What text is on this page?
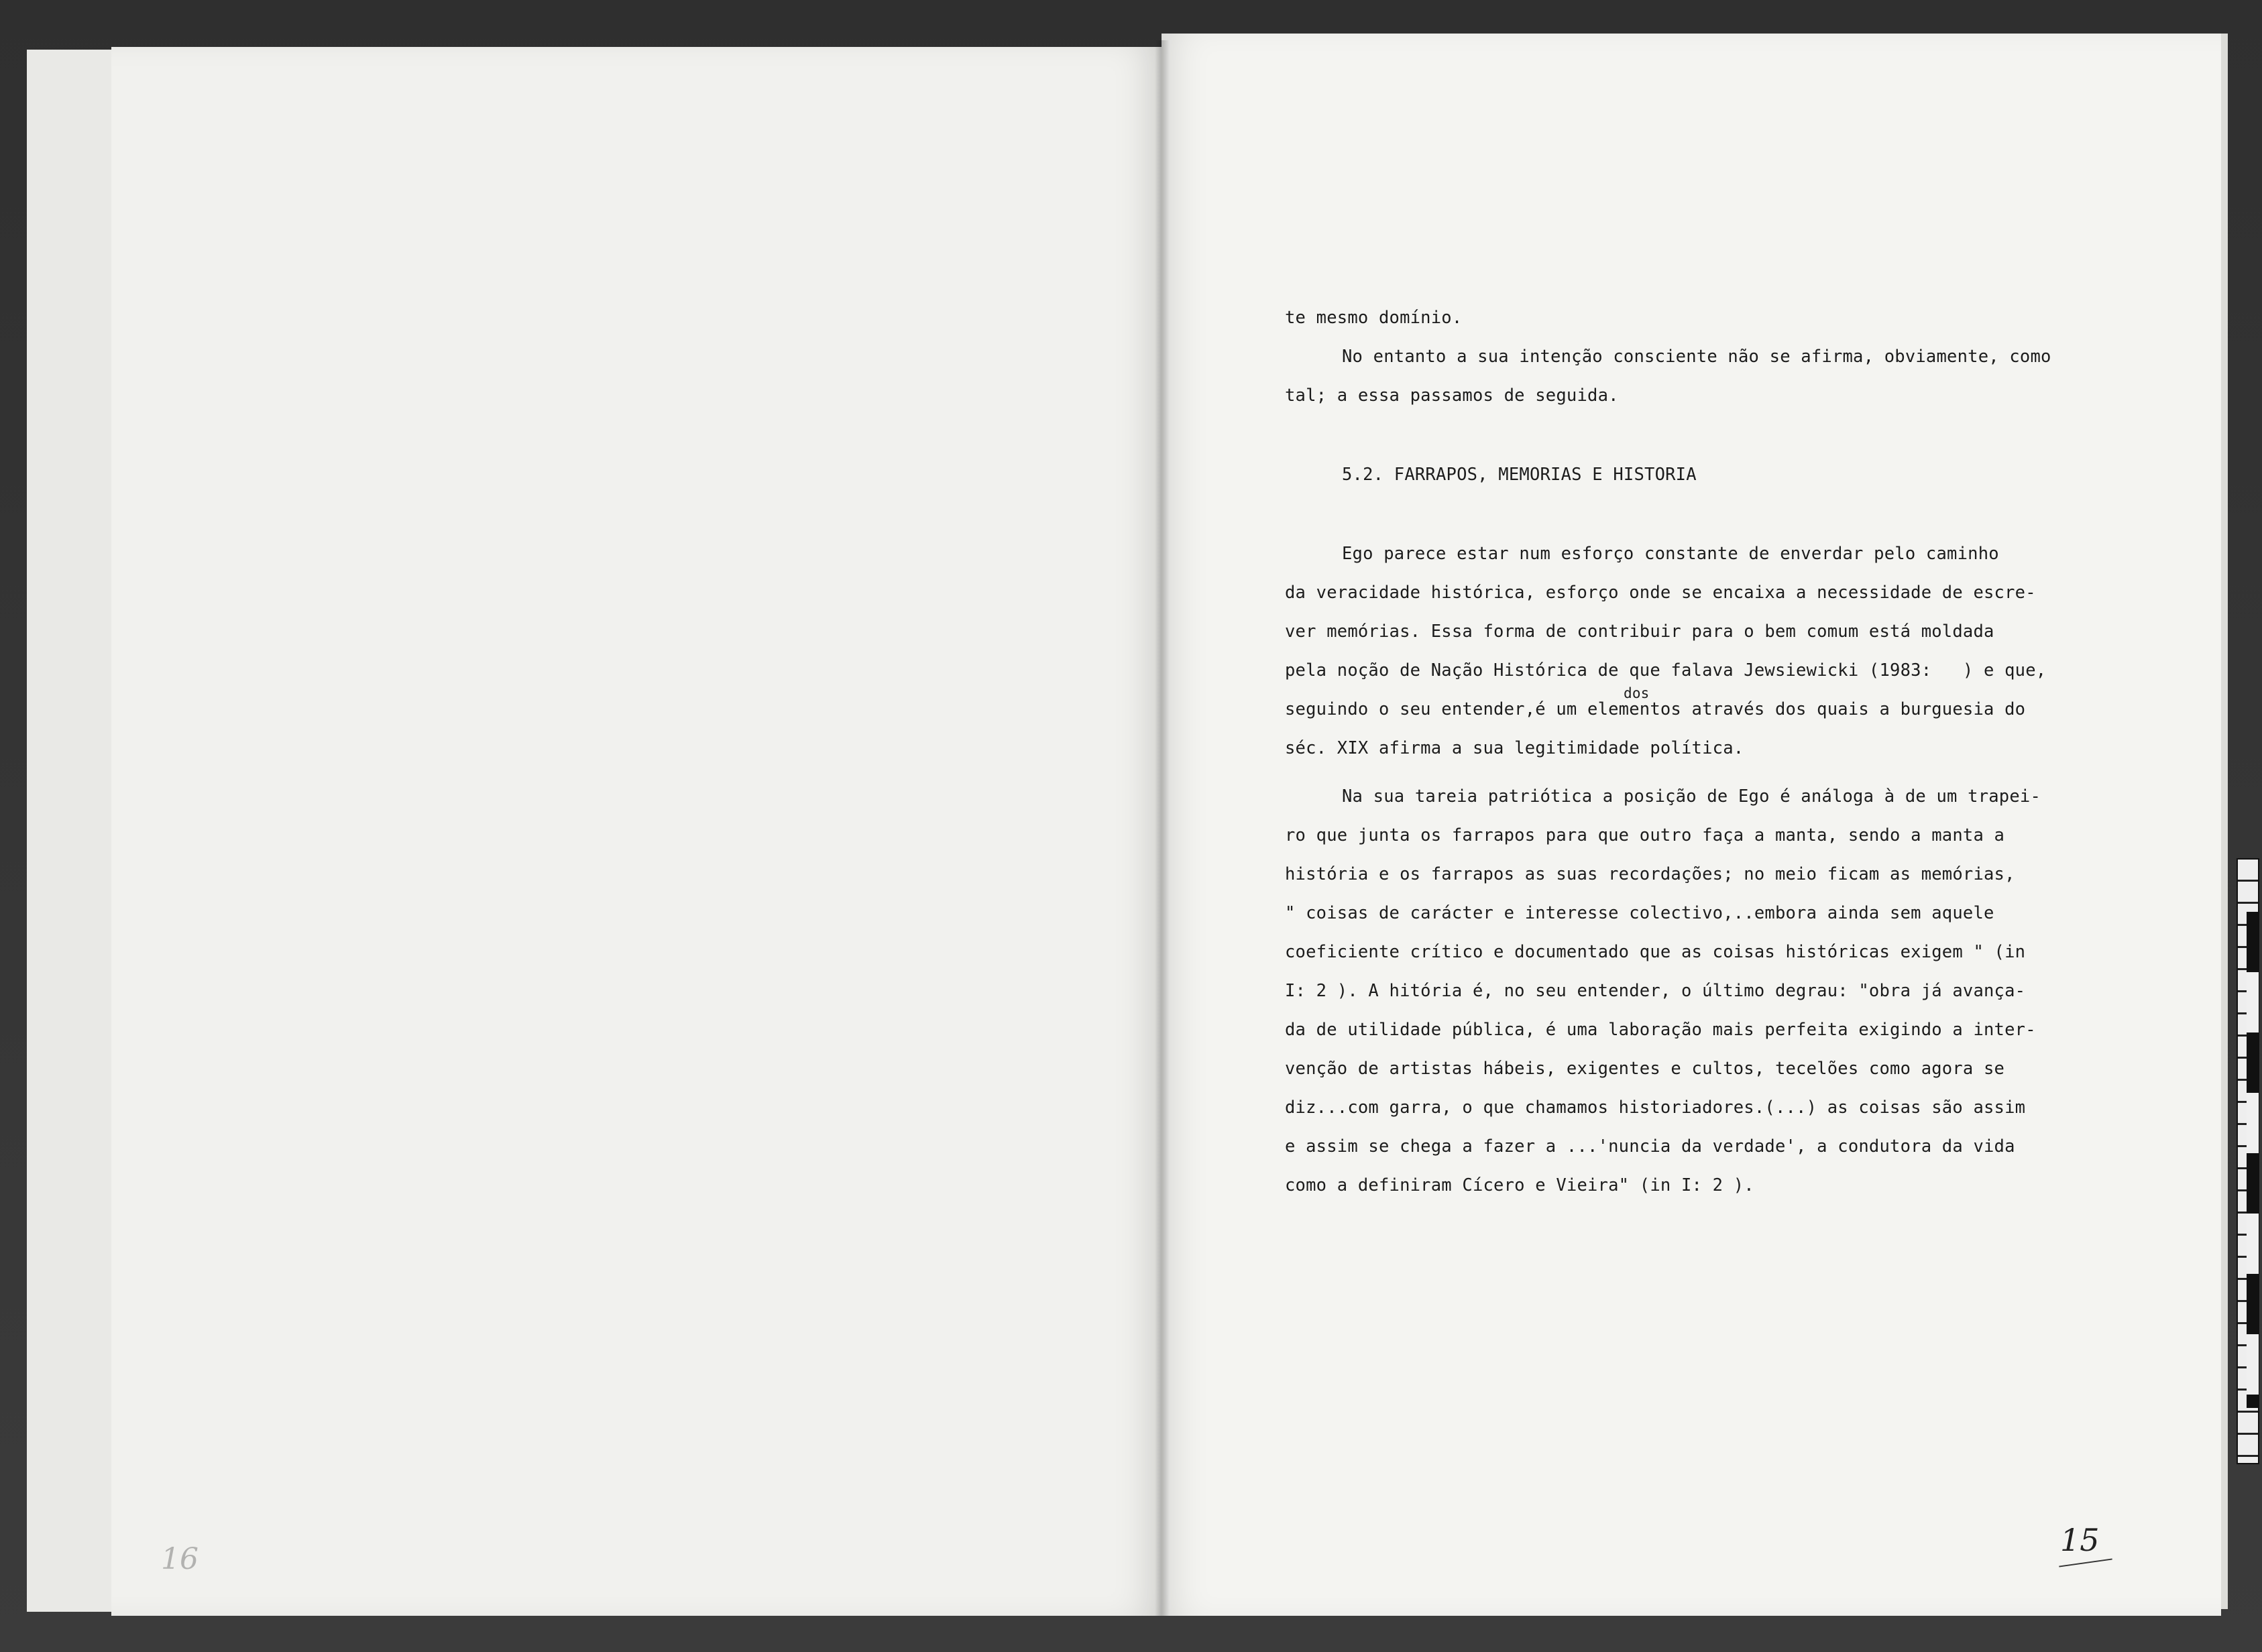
16
te mesmo domínio.
No entanto a sua intenção consciente não se afirma, obviamente, como
tal; a essa passamos de seguida.
5.2. FARRAPOS, MEMORIAS E HISTORIA
Ego parece estar num esforço constante de enverdar pelo caminho
da veracidade histórica, esforço onde se encaixa a necessidade de escre-
ver memórias. Essa forma de contribuir para o bem comum está moldada
pela noção de Nação Histórica de que falava Jewsiewicki (1983:   ) e que,
dos
seguindo o seu entender,é um elementos através dos quais a burguesia do
séc. XIX afirma a sua legitimidade política.
Na sua tareia patriótica a posição de Ego é análoga à de um trapei-
ro que junta os farrapos para que outro faça a manta, sendo a manta a
história e os farrapos as suas recordações; no meio ficam as memórias,
" coisas de carácter e interesse colectivo,..embora ainda sem aquele
coeficiente crítico e documentado que as coisas históricas exigem " (in
I: 2 ). A hitória é, no seu entender, o último degrau: "obra já avança-
da de utilidade pública, é uma laboração mais perfeita exigindo a inter-
venção de artistas hábeis, exigentes e cultos, tecelões como agora se
diz...com garra, o que chamamos historiadores.(...) as coisas são assim
e assim se chega a fazer a ...'nuncia da verdade', a condutora da vida
como a definiram Cícero e Vieira" (in I: 2 ).
15
